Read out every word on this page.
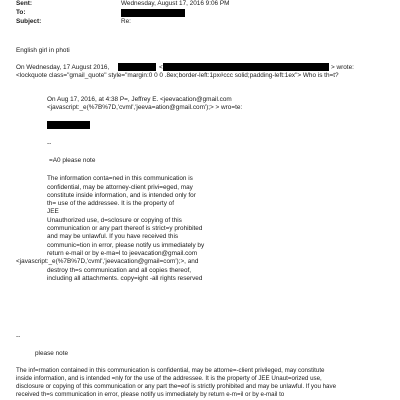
Sent:	Wednesday, August 17, 2016 9:06 PM
To:
Subject:	Re:
English girl in photi
On Wednesday, 17 August 2016,	<	> wrote:
<lockquote class="gmail_quote" style="margin:0 0 0 .8ex;border-left:1px#ccc solid;padding-left:1ex"> Who is th=t?
On Aug 17, 2016, at 4:38 P=, Jeffrey E. <jeevacation@gmail.com
<javascript:_e(%7B%7D,'cvml','jeeva=ation@gmail.com');> > wro=te:
--
=A0 please note
The information conta=ned in this communication is
confidential, may be attorney-client privi=eged, may
constitute inside information, and is intended only for
th= use of the addressee. It is the property of
JEE
Unauthorized use, d=sclosure or copying of this
communication or any part thereof is strict=y prohibited
and may be unlawful. If you have received this
communic=tion in error, please notify us immediately by
return e-mail or by e-ma=l to jeevacation@gmail.com
<javascript:_e(%7B%7D,'cvml','jeevacation@gmail=com');>, and
destroy th=s communication and all copies thereof,
including all attachments. copy=ight -all rights reserved
--
please note
The inf=rmation contained in this communication is confidential, may be attorne=-client privileged, may constitute
inside information, and is intended =nly for the use of the addressee. It is the property of JEE Unaut=orized use,
disclosure or copying of this communication or any part the=eof is strictly prohibited and may be unlawful. If you have
received th=s communication in error, please notify us immediately by return e-m=il or by e-mail to
